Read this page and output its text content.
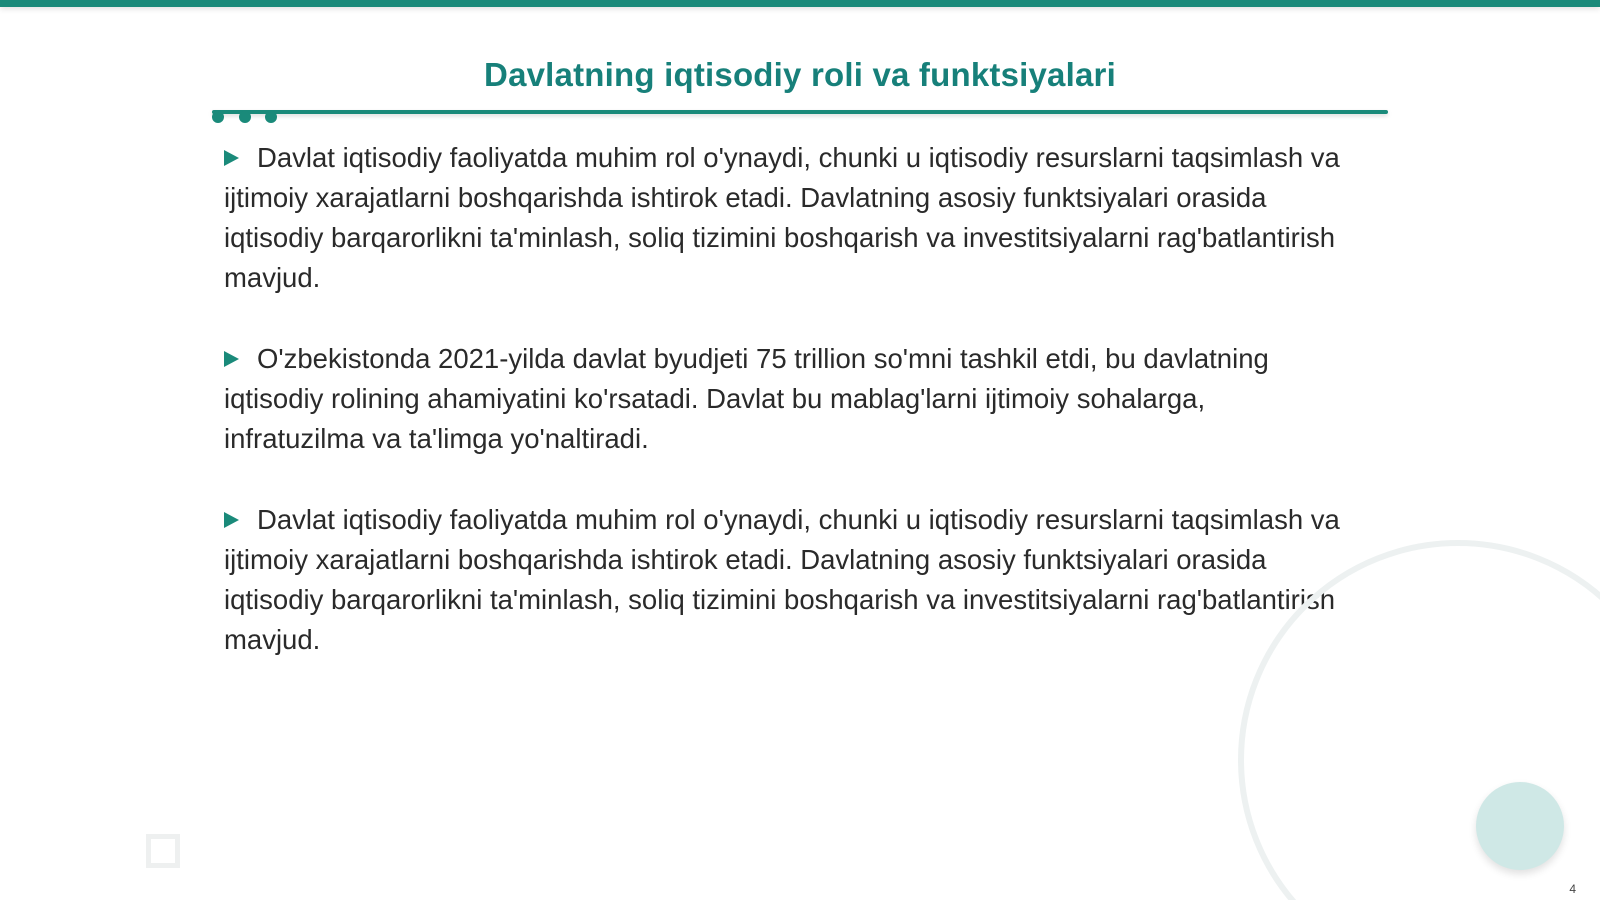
Davlatning iqtisodiy roli va funktsiyalari

Davlat iqtisodiy faoliyatda muhim rol o'ynaydi, chunki u iqtisodiy resurslarni taqsimlash va ijtimoiy xarajatlarni boshqarishda ishtirok etadi. Davlatning asosiy funktsiyalari orasida iqtisodiy barqarorlikni ta'minlash, soliq tizimini boshqarish va investitsiyalarni rag'batlantirish mavjud.

O'zbekistonda 2021-yilda davlat byudjeti 75 trillion so'mni tashkil etdi, bu davlatning iqtisodiy rolining ahamiyatini ko'rsatadi. Davlat bu mablag'larni ijtimoiy sohalarga, infratuzilma va ta'limga yo'naltiradi.

Davlat iqtisodiy faoliyatda muhim rol o'ynaydi, chunki u iqtisodiy resurslarni taqsimlash va ijtimoiy xarajatlarni boshqarishda ishtirok etadi. Davlatning asosiy funktsiyalari orasida iqtisodiy barqarorlikni ta'minlash, soliq tizimini boshqarish va investitsiyalarni rag'batlantirish mavjud.

4
